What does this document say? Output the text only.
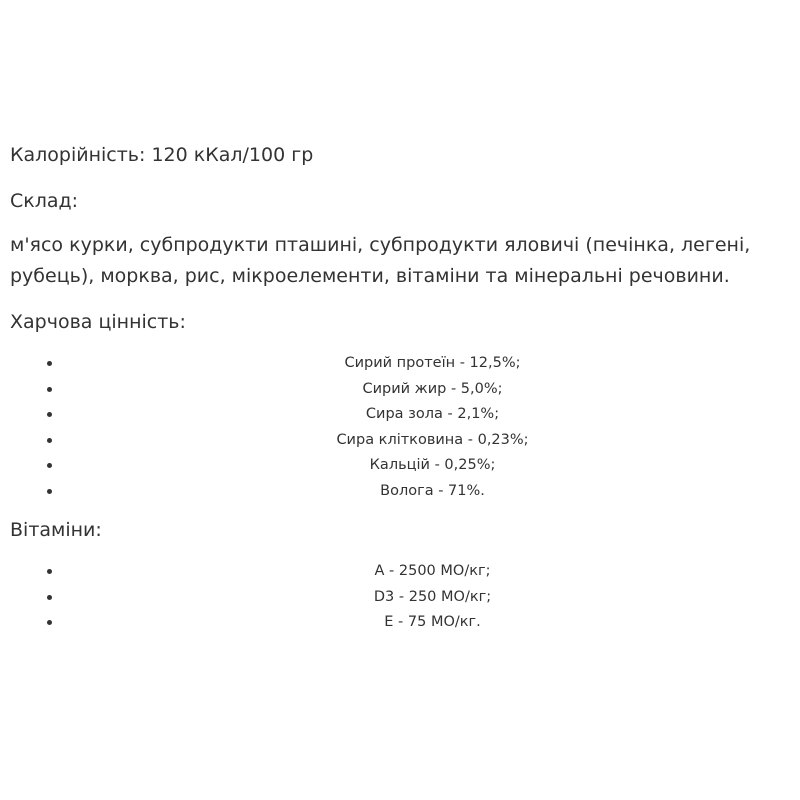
Калорійність: 120 кКал/100 гр

Склад:

м'ясо курки, субпродукти пташині, субпродукти яловичі (печінка, легені, рубець), морква, рис, мікроелементи, вітаміни та мінеральні речовини.

Харчова цінність:

Сирий протеїн - 12,5%;
Сирий жир - 5,0%;
Сира зола - 2,1%;
Сира клітковина - 0,23%;
Кальцій - 0,25%;
Волога - 71%.

Вітаміни:

A - 2500 МО/кг;
D3 - 250 МО/кг;
E - 75 МО/кг.
